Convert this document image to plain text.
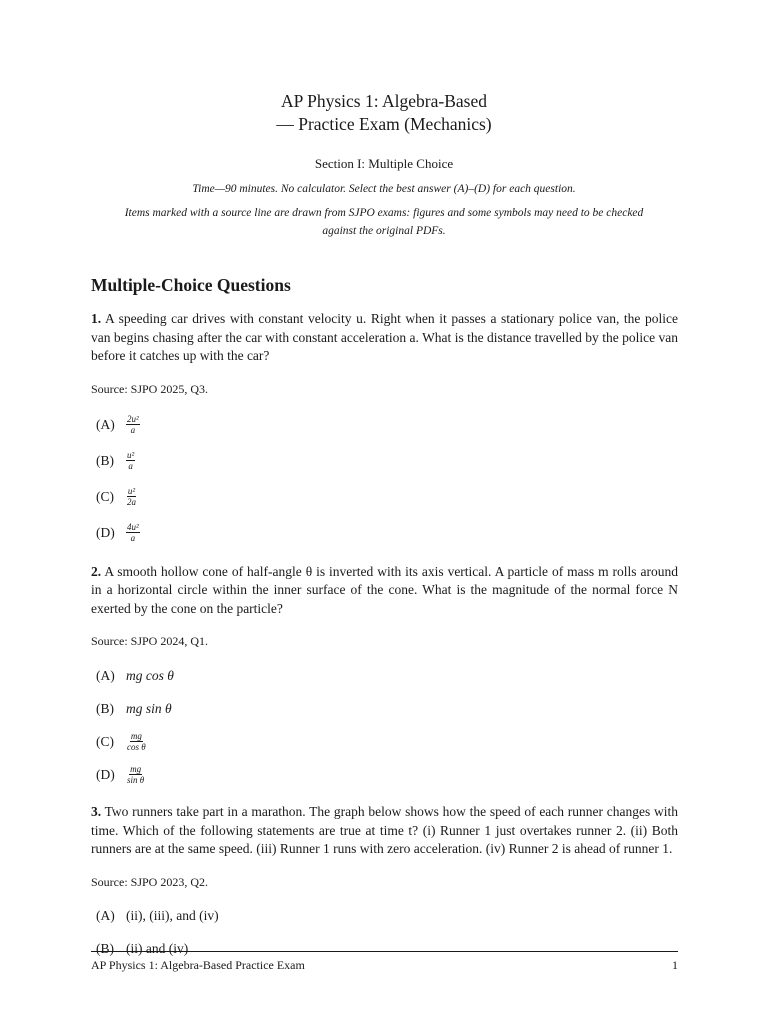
AP Physics 1: Algebra-Based
— Practice Exam (Mechanics)
Section I: Multiple Choice
Time—90 minutes. No calculator. Select the best answer (A)–(D) for each question.
Items marked with a source line are drawn from SJPO exams: figures and some symbols may need to be checked
against the original PDFs.
Multiple-Choice Questions
1. A speeding car drives with constant velocity u. Right when it passes a stationary police van, the police van begins chasing after the car with constant acceleration a. What is the distance travelled by the police van before it catches up with the car?
Source: SJPO 2025, Q3.
(A)	$\frac{\text{2u²}}{a}$
(B)	$\frac{\text{u²}}{a}$
(C)	$\frac{\text{u²}}{2a}$
(D)	$\frac{\text{4u²}}{a}$
2. A smooth hollow cone of half-angle θ is inverted with its axis vertical. A particle of mass m rolls around in a horizontal circle within the inner surface of the cone. What is the magnitude of the normal force N exerted by the cone on the particle?
Source: SJPO 2024, Q1.
(A) mg cos θ
(B) mg sin θ
(C)	$\frac{mg}{\text{cos θ}}$
(D)	$\frac{mg}{\text{sin θ}}$
3. Two runners take part in a marathon. The graph below shows how the speed of each runner changes with time. Which of the following statements are true at time t? (i) Runner 1 just overtakes runner 2. (ii) Both runners are at the same speed. (iii) Runner 1 runs with zero acceleration. (iv) Runner 2 is ahead of runner 1.
Source: SJPO 2023, Q2.
(A) (ii), (iii), and (iv)
(B) (ii) and (iv)
AP Physics 1: Algebra-Based Practice Exam	1
